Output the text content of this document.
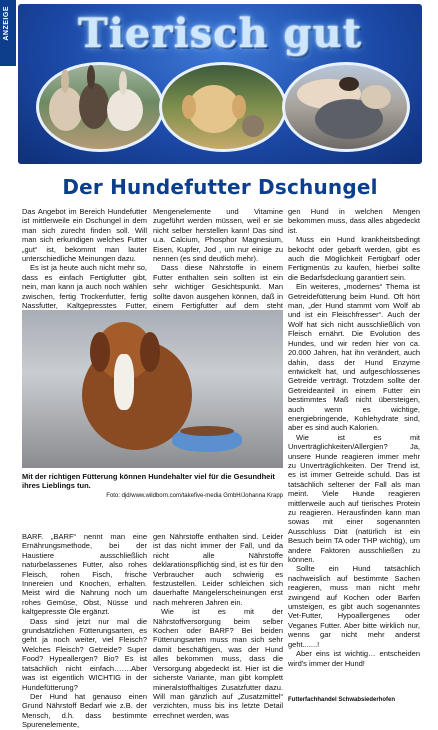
ANZEIGE	Tierisch gut
Der Hundefutter Dschungel

Das Angebot im Bereich Hundefutter ist mittlerweile ein Dschungel in dem man sich zurecht finden soll. Will man sich erkundigen welches Futter „gut“ ist, bekommt man lauter unterschiedliche Meinungen dazu.

Es ist ja heute auch nicht mehr so, dass es einfach Fertigfutter gibt, nein, man kann ja auch noch wählen zwischen, fertig Trockenfutter, fertig Nassfutter, Kaltgepresstes Futter,

Mengenelemente und Vitamine zugeführt werden müssen, weil er sie nicht selber herstellen kann! Das sind u.a. Calcium, Phosphor Magnesium, Eisen, Kupfer, Jod , um nur einige zu nennen (es sind deutlich mehr).

Dass diese Nährstoffe in einem Futter enthalten sein sollten ist ein sehr wichtiger Gesichtspunkt. Man sollte davon ausgehen können, daß in einem Fertigfutter auf dem steht

gen Hund in welchen Mengen bekommen muss, dass alles abgedeckt ist.

Muss ein Hund krankheitsbedingt bekocht oder gebarft werden, gibt es auch die Möglichkeit Fertigbarf oder Fertigmenüs zu kaufen, hierbei sollte die Bedarfsdeckung garantiert sein.

Ein weiteres, „modernes“ Thema ist Getreidefütterung beim Hund. Oft hört man, „der Hund stammt vom Wolf ab und ist ein Fleischfresser“. Auch der Wolf hat sich nicht ausschließlich von Fleisch ernährt. Die Evolution des Hundes, und wir reden hier von ca. 20.000 Jahren, hat ihn verändert, auch dahin, dass der Hund Enzyme entwickelt hat, und aufgeschlossenes Getreide verträgt. Trotzdem sollte der Getreideanteil in einem Futter ein bestimmtes Maß nicht übersteigen, auch wenn es wichtige, energiebringende, Kohlehydrate sind, aber es sind auch Kalorien.

Wie ist es mit Unverträglichkeiten/Allergien? Ja, unsere Hunde reagieren immer mehr zu Unverträglichkeiten. Der Trend ist, es ist immer Getreide schuld. Das ist tatsächlich seltener der Fall als man meint. Viele Hunde reagieren mittlerweile auch auf tierisches Protein zu reagieren. Herausfinden kann man sowas mit einer sogenannten Ausschluss Diät (natürlich ist ein Besuch beim TA oder THP wichtig), um andere Faktoren ausschließen zu können.

Sollte ein Hund tatsächlich nachweislich auf bestimmte Sachen reagieren, muss man nicht mehr zwingend auf Kochen oder Barfen umsteigen, es gibt auch sogenanntes Vet-Futter, Hypoallergenes oder Veganes Futter. Aber bitte wirklich nur, wenns gar nicht mehr anderst geht.......!

Aber eins ist wichtig… entscheiden wird's immer der Hund!

Mit der richtigen Fütterung können Hundehalter viel für die Gesundheit ihres Lieblings tun.
Foto: djd/www.wildborn.com/takefive-media GmbH/Johanna Krapp

BARF. „BARF“ nennt man eine Ernährungsmethode, bei der Haustiere ausschließlich naturbelassenes Futter, also rohes Fleisch, rohen Fisch, frische Innereien und Knochen, erhalten. Meist wird die Nahrung noch um rohes Gemüse, Obst, Nüsse und kaltgepresste Öle ergänzt.

Dass sind jetzt nur mal die grundsätzlichen Fütterungsarten, es geht ja noch weiter, viel Fleisch? Welches Fleisch? Getreide? Super Food? Hypeallergen? Bio? Es ist tatsächlich nicht einfach…….Aber was ist eigentlich WICHTIG in der Hundefütterung?

Der Hund hat genauso einen Grund Nährstoff Bedarf wie z.B. der Mensch, d.h. dass bestimmte Spurenelemente,

gen Nährstoffe enthalten sind. Leider ist das nicht immer der Fall, und da nicht alle Nährstoffe deklarationspflichtig sind, ist es für den Verbraucher auch schwierig es festzustellen. Leider schleichen sich dauerhafte Mangelerscheinungen erst nach mehreren Jahren ein.

Wie ist es mit der Nährstoffversorgung beim selber Kochen oder BARF? Bei beiden Fütterungsarten muss man sich sehr damit beschäftigen, was der Hund alles bekommen muss, dass die Versorgung abgedeckt ist. Hier ist die sicherste Variante, man gibt komplett mineralstoffhaltiges Zusatzfutter dazu. Will man gänzlich auf „Zusatzmittel“ verzichten, muss bis ins letzte Detail errechnet werden, was

Futterfachhandel Schwabsiederhofen
